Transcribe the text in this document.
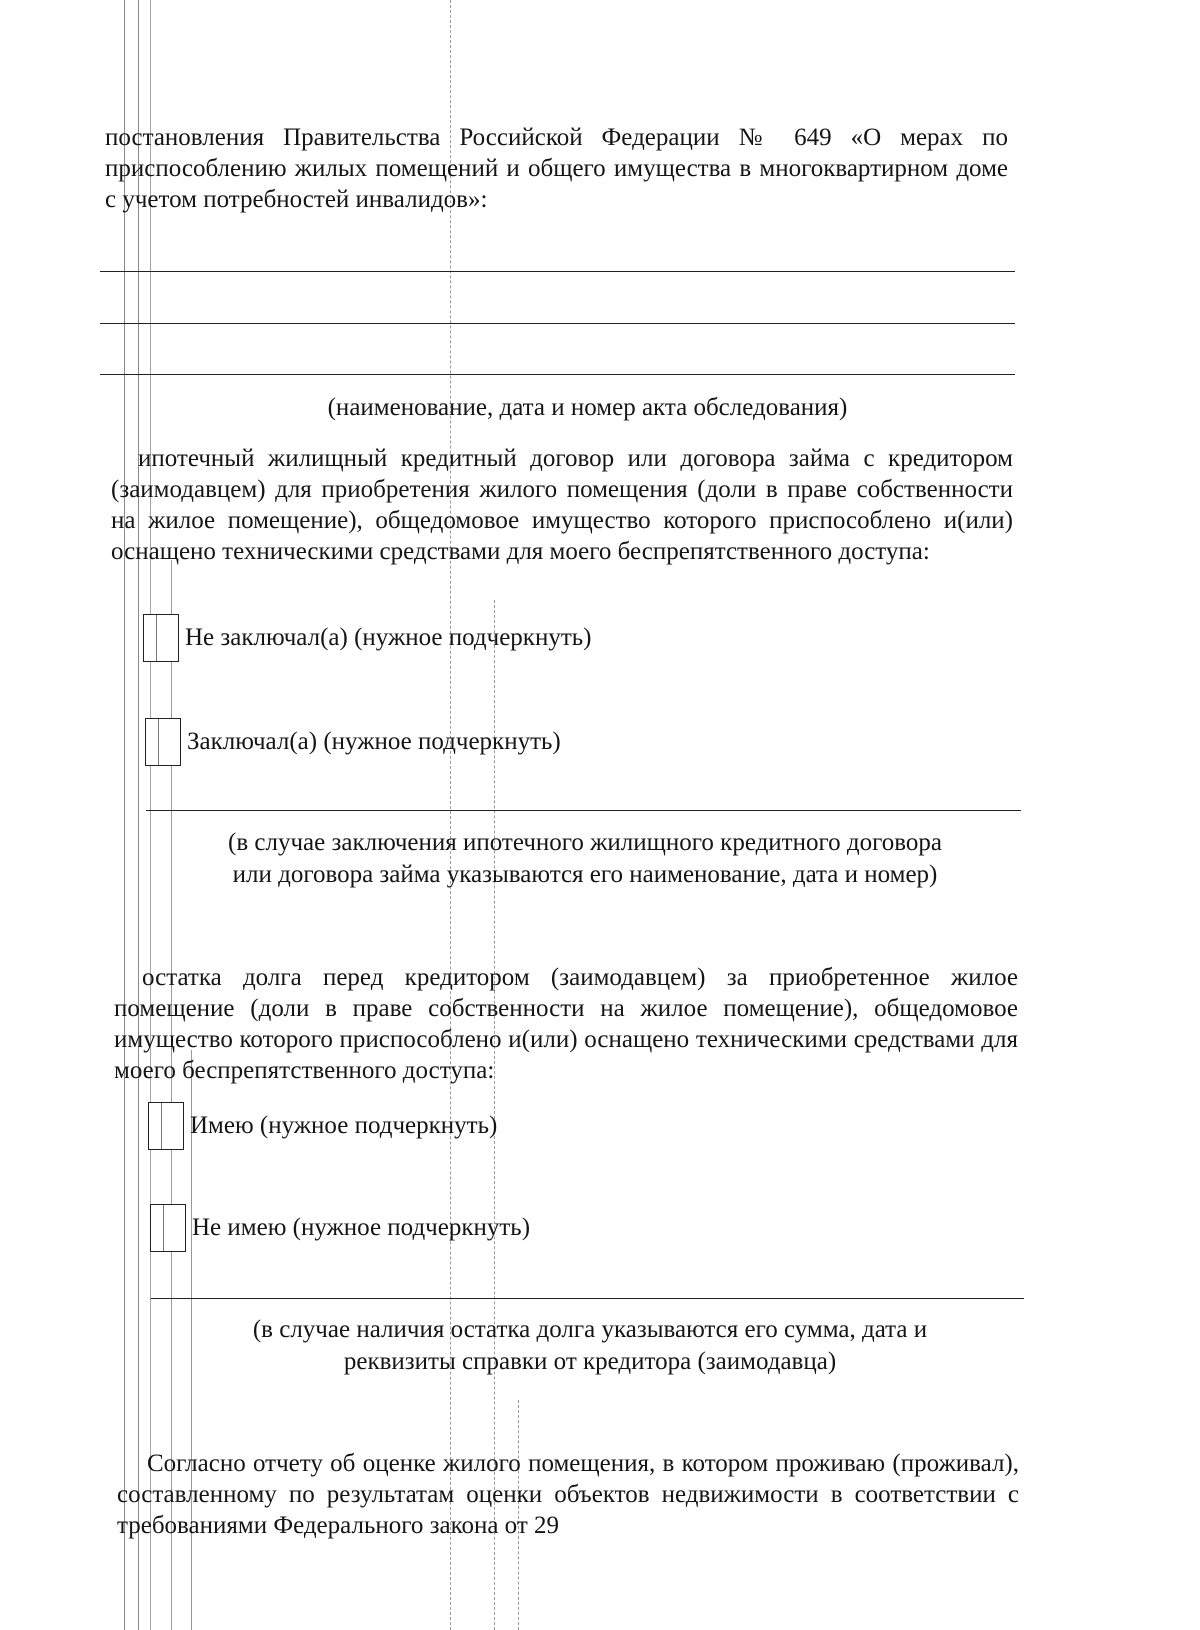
постановления Правительства Российской Федерации № 649 «О мерах по приспособлению жилых помещений и общего имущества в многоквартирном доме с учетом потребностей инвалидов»:

(наименование, дата и номер акта обследования)

ипотечный жилищный кредитный договор или договора займа с кредитором (заимодавцем) для приобретения жилого помещения (доли в праве собственности на жилое помещение), общедомовое имущество которого приспособлено и(или) оснащено техническими средствами для моего беспрепятственного доступа:

Не заключал(а) (нужное подчеркнуть)
Заключал(а) (нужное подчеркнуть)
(в случае заключения ипотечного жилищного кредитного договора
или договора займа указываются его наименование, дата и номер)

остатка долга перед кредитором (заимодавцем) за приобретенное жилое помещение (доли в праве собственности на жилое помещение), общедомовое имущество которого приспособлено и(или) оснащено техническими средствами для моего беспрепятственного доступа:

Имею (нужное подчеркнуть)
Не имею (нужное подчеркнуть)
(в случае наличия остатка долга указываются его сумма, дата и
реквизиты справки от кредитора (заимодавца)

Согласно отчету об оценке жилого помещения, в котором проживаю (проживал), составленному по результатам оценки объектов недвижимости в соответствии с требованиями Федерального закона от 29
